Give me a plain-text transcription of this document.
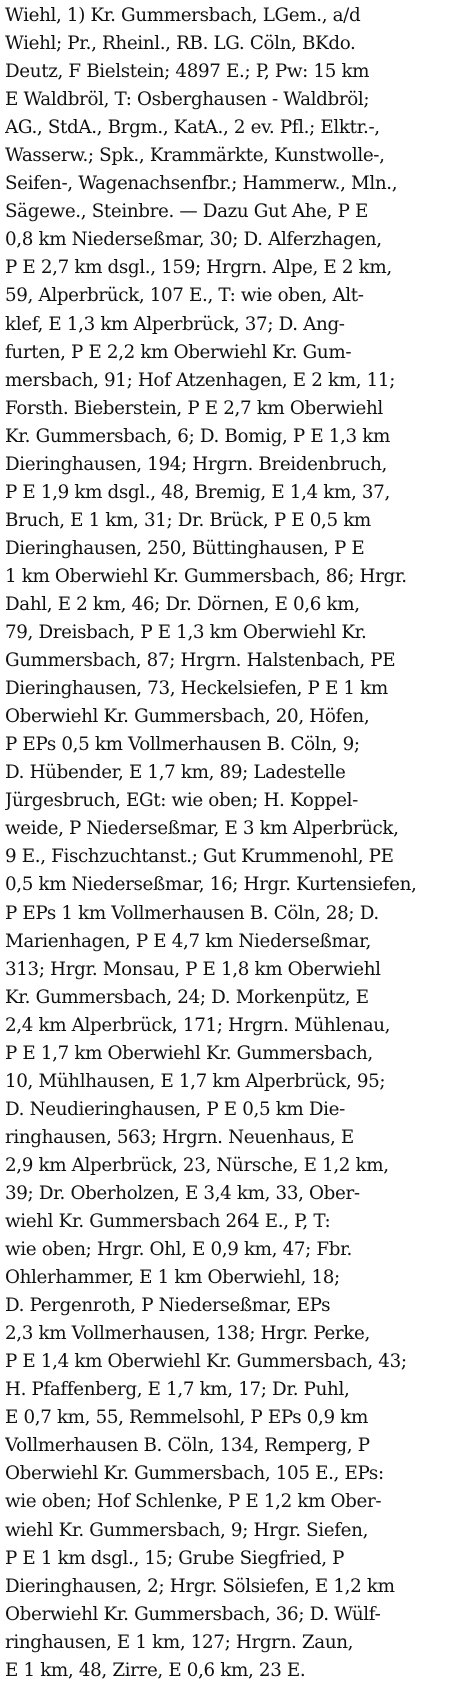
Wiehl, 1) Kr. Gummersbach, LGem., a/d
Wiehl; Pr., Rheinl., RB. LG. Cöln, BKdo.
Deutz, F Bielstein; 4897 E.; P, Pw: 15 km
E Waldbröl, T: Osberghausen - Waldbröl;
AG., StdA., Brgm., KatA., 2 ev. Pfl.; Elktr.-,
Wasserw.; Spk., Krammärkte, Kunstwolle-,
Seifen-, Wagenachsenfbr.; Hammerw., Mln.,
Sägewe., Steinbre. — Dazu Gut Ahe, P E
0,8 km Niederseßmar, 30; D. Alferzhagen,
P E 2,7 km dsgl., 159; Hrgrn. Alpe, E 2 km,
59, Alperbrück, 107 E., T: wie oben, Alt-
klef, E 1,3 km Alperbrück, 37; D. Ang-
furten, P E 2,2 km Oberwiehl Kr. Gum-
mersbach, 91; Hof Atzenhagen, E 2 km, 11;
Forsth. Bieberstein, P E 2,7 km Oberwiehl
Kr. Gummersbach, 6; D. Bomig, P E 1,3 km
Dieringhausen, 194; Hrgrn. Breidenbruch,
P E 1,9 km dsgl., 48, Bremig, E 1,4 km, 37,
Bruch, E 1 km, 31; Dr. Brück, P E 0,5 km
Dieringhausen, 250, Büttinghausen, P E
1 km Oberwiehl Kr. Gummersbach, 86; Hrgr.
Dahl, E 2 km, 46; Dr. Dörnen, E 0,6 km,
79, Dreisbach, P E 1,3 km Oberwiehl Kr.
Gummersbach, 87; Hrgrn. Halstenbach, PE
Dieringhausen, 73, Heckelsiefen, P E 1 km
Oberwiehl Kr. Gummersbach, 20, Höfen,
P EPs 0,5 km Vollmerhausen B. Cöln, 9;
D. Hübender, E 1,7 km, 89; Ladestelle
Jürgesbruch, EGt: wie oben; H. Koppel-
weide, P Niederseßmar, E 3 km Alperbrück,
9 E., Fischzuchtanst.; Gut Krummenohl, PE
0,5 km Niederseßmar, 16; Hrgr. Kurtensiefen,
P EPs 1 km Vollmerhausen B. Cöln, 28; D.
Marienhagen, P E 4,7 km Niederseßmar,
313; Hrgr. Monsau, P E 1,8 km Oberwiehl
Kr. Gummersbach, 24; D. Morkenpütz, E
2,4 km Alperbrück, 171; Hrgrn. Mühlenau,
P E 1,7 km Oberwiehl Kr. Gummersbach,
10, Mühlhausen, E 1,7 km Alperbrück, 95;
D. Neudieringhausen, P E 0,5 km Die-
ringhausen, 563; Hrgrn. Neuenhaus, E
2,9 km Alperbrück, 23, Nürsche, E 1,2 km,
39; Dr. Oberholzen, E 3,4 km, 33, Ober-
wiehl Kr. Gummersbach 264 E., P, T:
wie oben; Hrgr. Ohl, E 0,9 km, 47; Fbr.
Ohlerhammer, E 1 km Oberwiehl, 18;
D. Pergenroth, P Niederseßmar, EPs
2,3 km Vollmerhausen, 138; Hrgr. Perke,
P E 1,4 km Oberwiehl Kr. Gummersbach, 43;
H. Pfaffenberg, E 1,7 km, 17; Dr. Puhl,
E 0,7 km, 55, Remmelsohl, P EPs 0,9 km
Vollmerhausen B. Cöln, 134, Remperg, P
Oberwiehl Kr. Gummersbach, 105 E., EPs:
wie oben; Hof Schlenke, P E 1,2 km Ober-
wiehl Kr. Gummersbach, 9; Hrgr. Siefen,
P E 1 km dsgl., 15; Grube Siegfried, P
Dieringhausen, 2; Hrgr. Sölsiefen, E 1,2 km
Oberwiehl Kr. Gummersbach, 36; D. Wülf-
ringhausen, E 1 km, 127; Hrgrn. Zaun,
E 1 km, 48, Zirre, E 0,6 km, 23 E.
